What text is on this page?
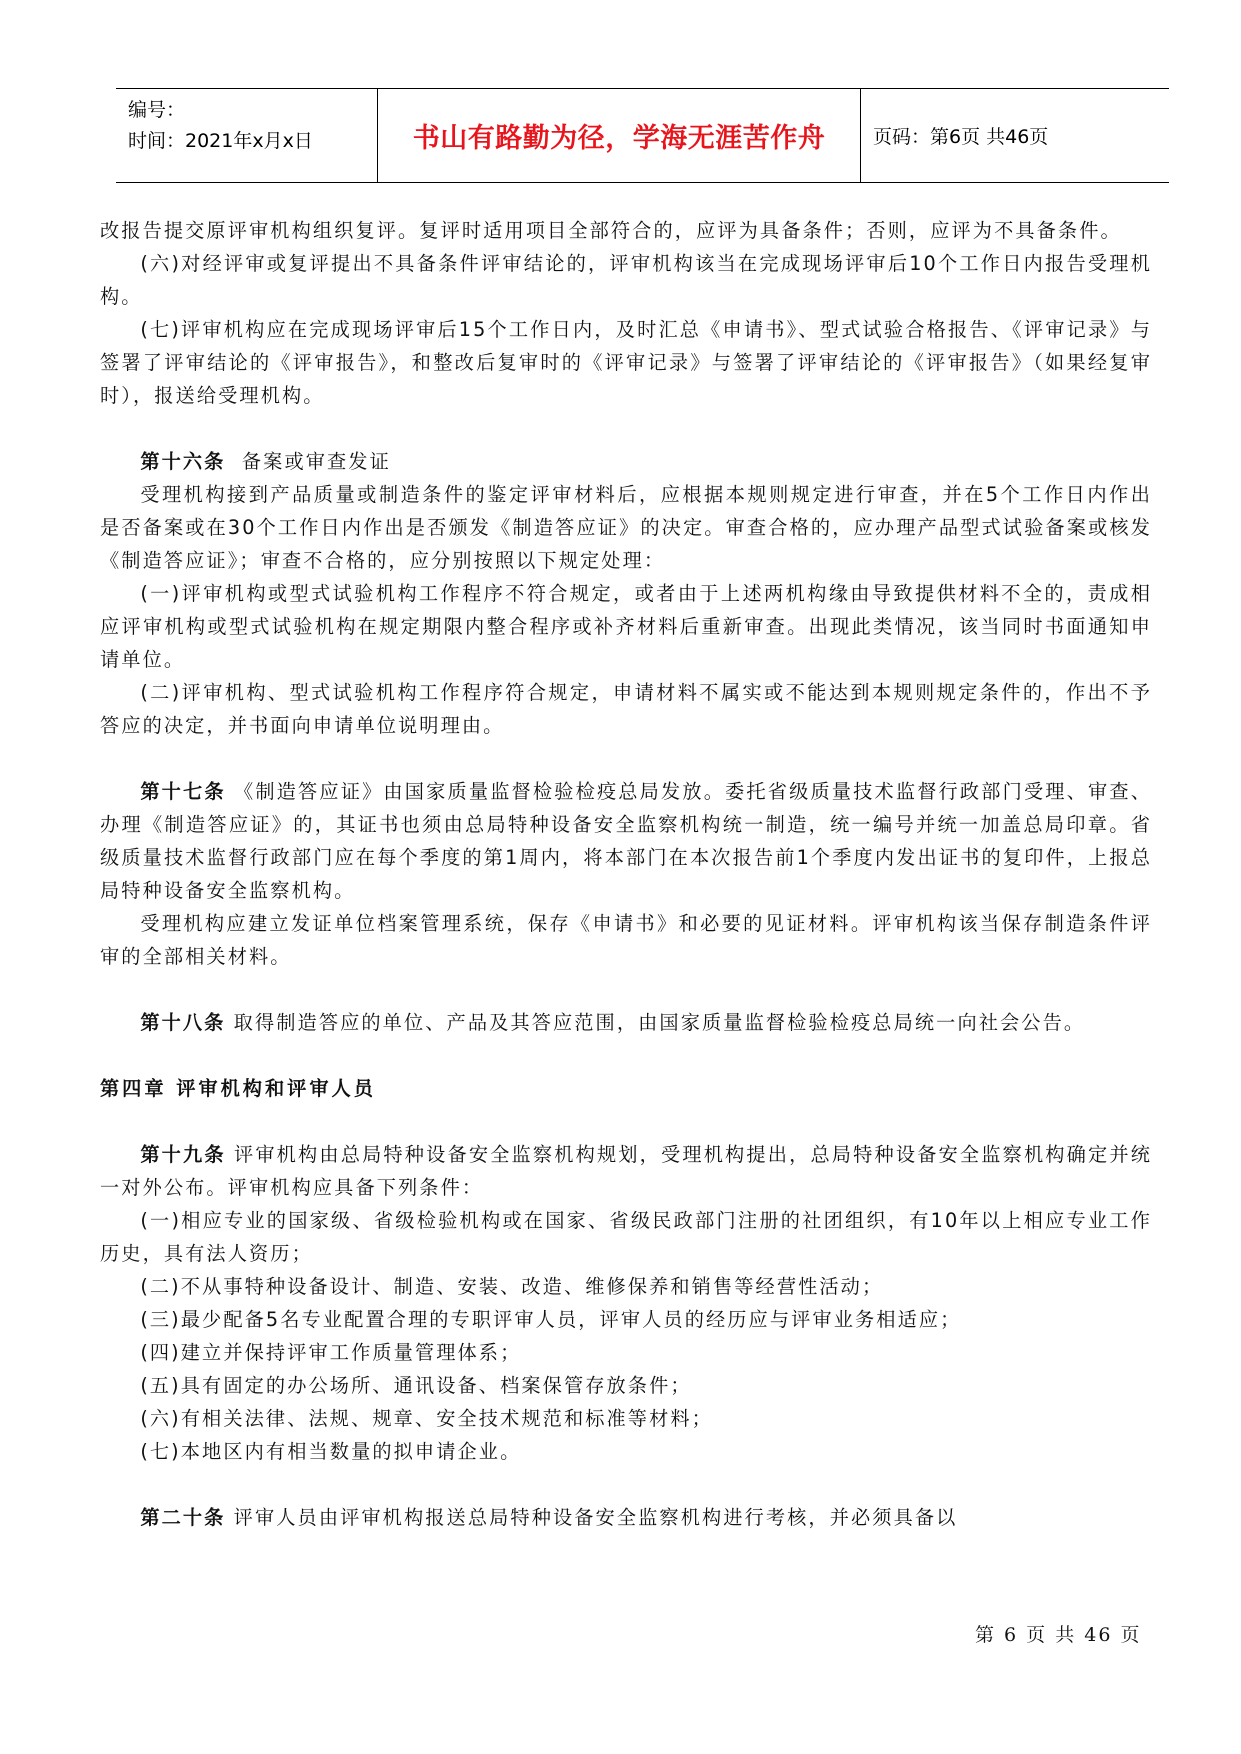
编号：
时间：2021年x月x日	书山有路勤为径，学海无涯苦作舟	页码：第6页 共46页

改报告提交原评审机构组织复评。复评时适用项目全部符合的，应评为具备条件；否则，应评为不具备条件。

(六)对经评审或复评提出不具备条件评审结论的，评审机构该当在完成现场评审后10个工作日内报告受理机构。

(七)评审机构应在完成现场评审后15个工作日内，及时汇总《申请书》、型式试验合格报告、《评审记录》与签署了评审结论的《评审报告》，和整改后复审时的《评审记录》与签署了评审结论的《评审报告》（如果经复审时），报送给受理机构。

第十六条 备案或审查发证

受理机构接到产品质量或制造条件的鉴定评审材料后，应根据本规则规定进行审查，并在5个工作日内作出是否备案或在30个工作日内作出是否颁发《制造答应证》的决定。审查合格的，应办理产品型式试验备案或核发《制造答应证》；审查不合格的，应分别按照以下规定处理：

(一)评审机构或型式试验机构工作程序不符合规定，或者由于上述两机构缘由导致提供材料不全的，责成相应评审机构或型式试验机构在规定期限内整合程序或补齐材料后重新审查。出现此类情况，该当同时书面通知申请单位。

(二)评审机构、型式试验机构工作程序符合规定，申请材料不属实或不能达到本规则规定条件的，作出不予答应的决定，并书面向申请单位说明理由。

第十七条 《制造答应证》由国家质量监督检验检疫总局发放。委托省级质量技术监督行政部门受理、审查、办理《制造答应证》的，其证书也须由总局特种设备安全监察机构统一制造，统一编号并统一加盖总局印章。省级质量技术监督行政部门应在每个季度的第1周内，将本部门在本次报告前1个季度内发出证书的复印件，上报总局特种设备安全监察机构。

受理机构应建立发证单位档案管理系统，保存《申请书》和必要的见证材料。评审机构该当保存制造条件评审的全部相关材料。

第十八条 取得制造答应的单位、产品及其答应范围，由国家质量监督检验检疫总局统一向社会公告。

第四章 评审机构和评审人员

第十九条 评审机构由总局特种设备安全监察机构规划，受理机构提出，总局特种设备安全监察机构确定并统一对外公布。评审机构应具备下列条件：

(一)相应专业的国家级、省级检验机构或在国家、省级民政部门注册的社团组织，有10年以上相应专业工作历史，具有法人资历；

(二)不从事特种设备设计、制造、安装、改造、维修保养和销售等经营性活动；

(三)最少配备5名专业配置合理的专职评审人员，评审人员的经历应与评审业务相适应；

(四)建立并保持评审工作质量管理体系；

(五)具有固定的办公场所、通讯设备、档案保管存放条件；

(六)有相关法律、法规、规章、安全技术规范和标准等材料；

(七)本地区内有相当数量的拟申请企业。

第二十条 评审人员由评审机构报送总局特种设备安全监察机构进行考核，并必须具备以

第 6 页 共 46 页
